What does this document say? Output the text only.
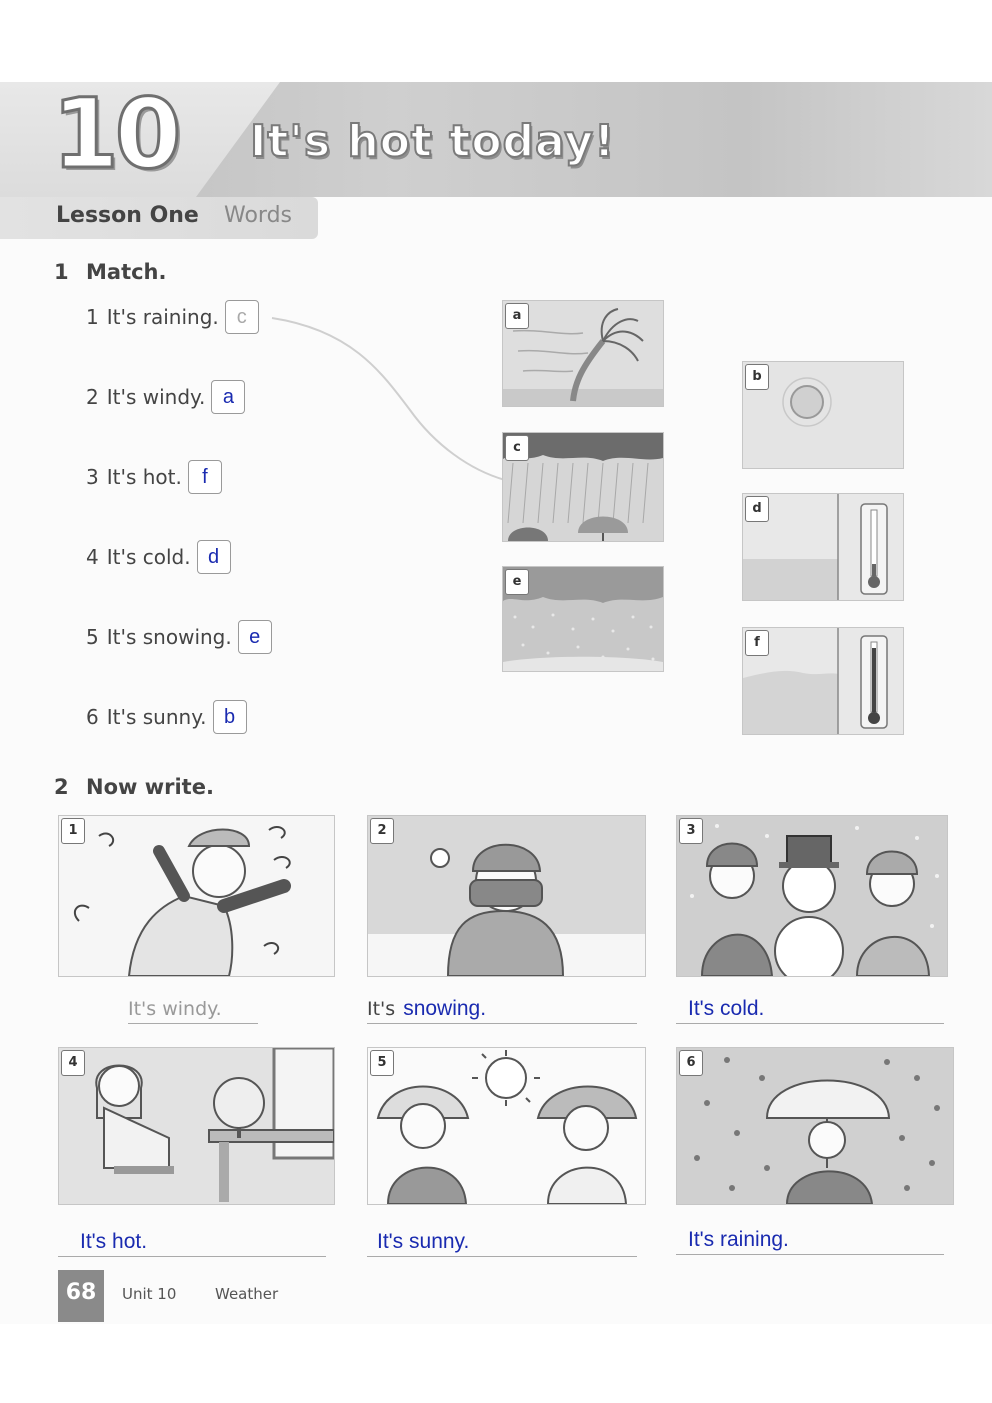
10 It's hot today!
Lesson One Words
1 Match.
1 It's raining. c
2 It's windy. a
3 It's hot.	f
4 It's cold. d
5 It's snowing. e
6 It's sunny. b
a
c
e
b
d
f
2 Now write.
1	2	3
It's windy.	It's snowing.	It's cold.
4	5	6
It's hot.	It's sunny.	It's raining.
68	Unit 10	Weather
